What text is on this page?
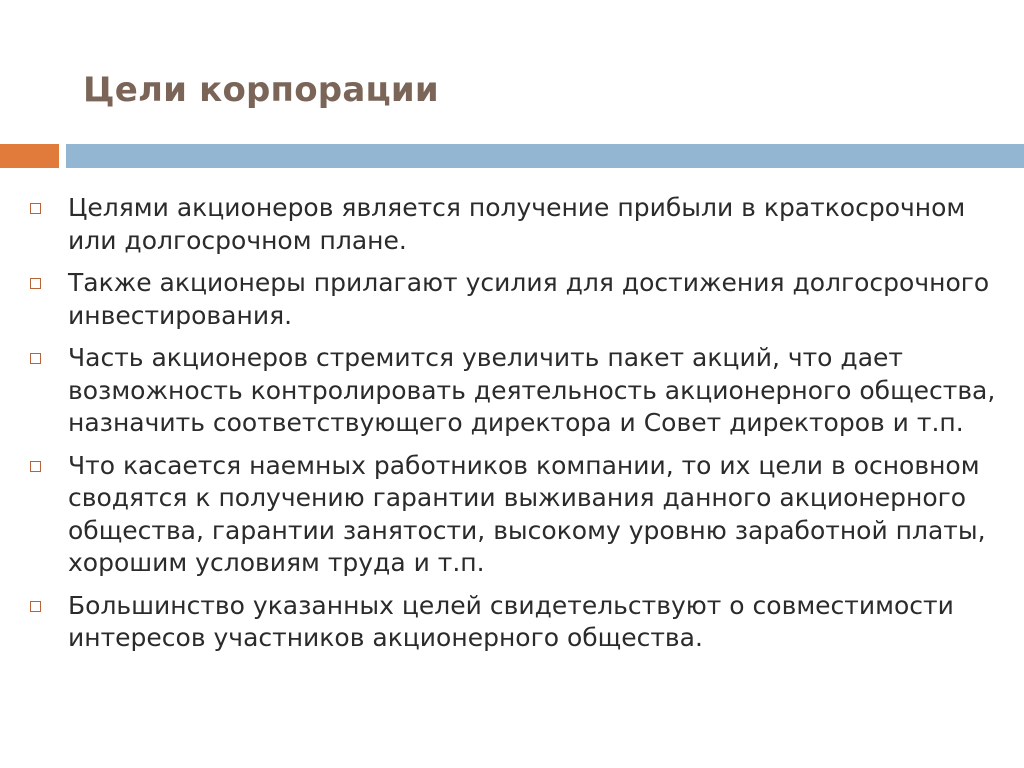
Цели корпорации
Целями акционеров является получение прибыли в краткосрочном или долгосрочном плане.
Также акционеры прилагают усилия для достижения долгосрочного инвестирования.
Часть акционеров стремится увеличить пакет акций, что дает возможность контролировать деятельность акционерного общества, назначить соответствующего директора и Совет директоров и т.п.
Что касается наемных работников компании, то их цели в основном сводятся к получению гарантии выживания данного акционерного общества, гарантии занятости, высокому уровню заработной платы, хорошим условиям труда и т.п.
Большинство указанных целей свидетельствуют о совместимости интересов участников акционерного общества.
